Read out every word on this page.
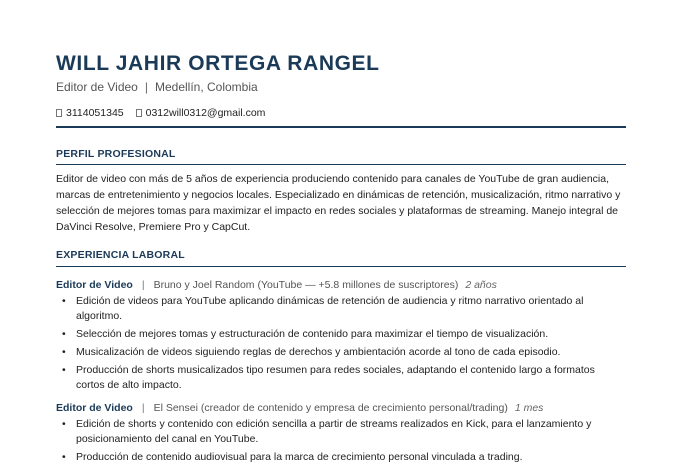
WILL JAHIR ORTEGA RANGEL
Editor de Video | Medellín, Colombia
3114051345 0312will0312@gmail.com
PERFIL PROFESIONAL

Editor de video con más de 5 años de experiencia produciendo contenido para canales de YouTube de gran audiencia, marcas de entretenimiento y negocios locales. Especializado en dinámicas de retención, musicalización, ritmo narrativo y selección de mejores tomas para maximizar el impacto en redes sociales y plataformas de streaming. Manejo integral de DaVinci Resolve, Premiere Pro y CapCut.

EXPERIENCIA LABORAL
Editor de Video | Bruno y Joel Random (YouTube — +5.8 millones de suscriptores) 2 años
• Edición de videos para YouTube aplicando dinámicas de retención de audiencia y ritmo narrativo orientado al algoritmo.
• Selección de mejores tomas y estructuración de contenido para maximizar el tiempo de visualización.
• Musicalización de videos siguiendo reglas de derechos y ambientación acorde al tono de cada episodio.
• Producción de shorts musicalizados tipo resumen para redes sociales, adaptando el contenido largo a formatos cortos de alto impacto.
Editor de Video | El Sensei (creador de contenido y empresa de crecimiento personal/trading) 1 mes
• Edición de shorts y contenido con edición sencilla a partir de streams realizados en Kick, para el lanzamiento y posicionamiento del canal en YouTube.
• Producción de contenido audiovisual para la marca de crecimiento personal vinculada a trading.
